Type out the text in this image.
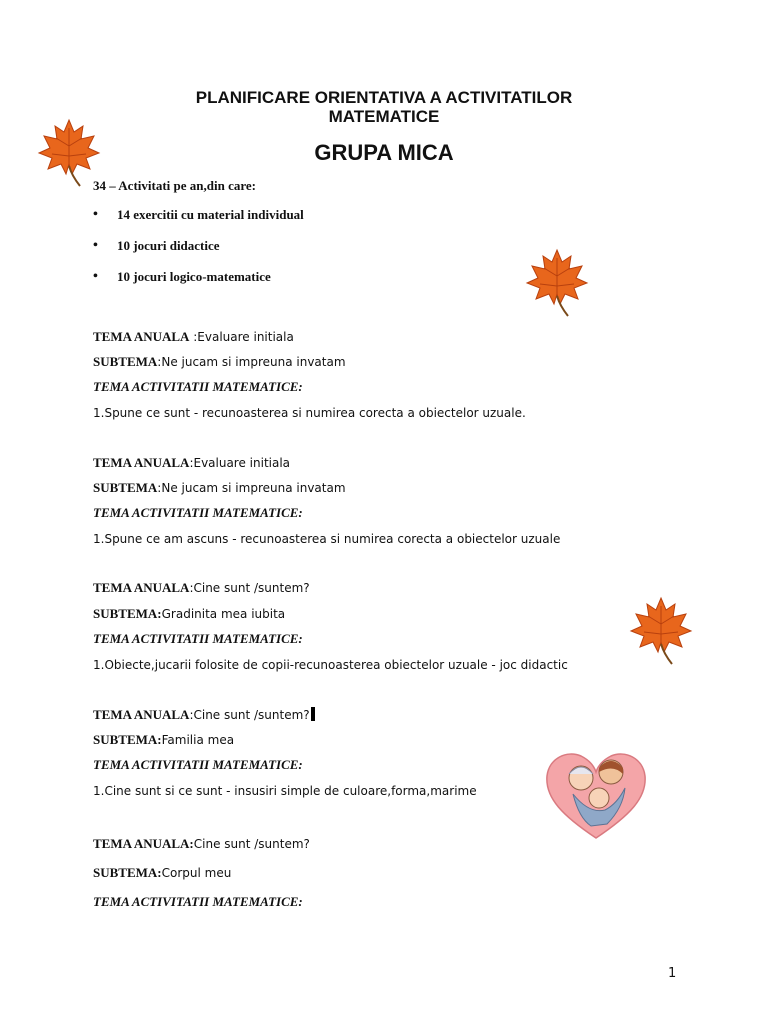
PLANIFICARE ORIENTATIVA A ACTIVITATILOR
MATEMATICE
GRUPA MICA
34 – Activitati pe an,din care:
• 14 exercitii cu material individual
• 10 jocuri didactice
• 10 jocuri logico-matematice
TEMA ANUALA :Evaluare initiala
SUBTEMA:Ne jucam si impreuna invatam
TEMA ACTIVITATII MATEMATICE:
1.Spune ce sunt - recunoasterea si numirea corecta a obiectelor uzuale.
TEMA ANUALA:Evaluare initiala
SUBTEMA:Ne jucam si impreuna invatam
TEMA ACTIVITATII MATEMATICE:
1.Spune ce am ascuns - recunoasterea si numirea corecta a obiectelor uzuale
TEMA ANUALA:Cine sunt /suntem?
SUBTEMA:Gradinita mea iubita
TEMA ACTIVITATII MATEMATICE:
1.Obiecte,jucarii folosite de copii-recunoasterea obiectelor uzuale - joc didactic
TEMA ANUALA:Cine sunt /suntem?
SUBTEMA:Familia mea
TEMA ACTIVITATII MATEMATICE:
1.Cine sunt si ce sunt - insusiri simple de culoare,forma,marime
TEMA ANUALA:Cine sunt /suntem?
SUBTEMA:Corpul meu
TEMA ACTIVITATII MATEMATICE:
1
